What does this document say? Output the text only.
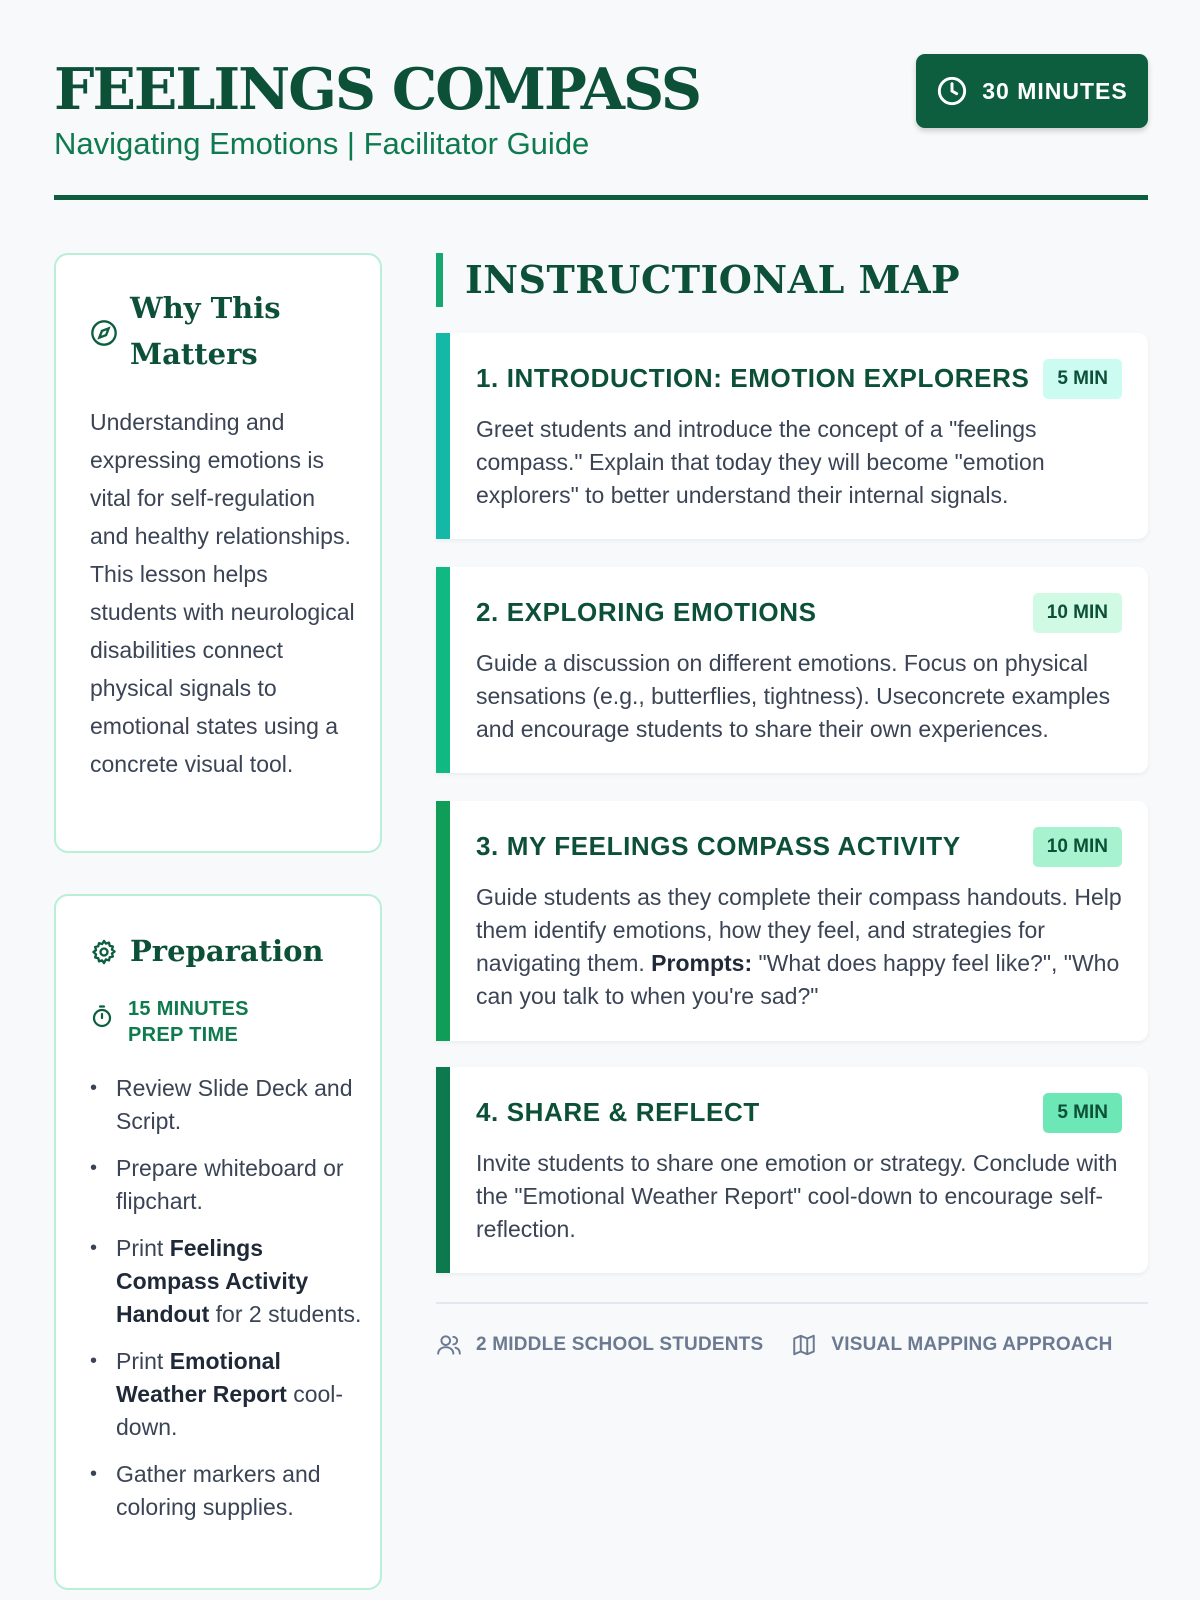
FEELINGS COMPASS
Navigating Emotions | Facilitator Guide
30 MINUTES
Why This Matters

Understanding and expressing emotions is vital for self-regulation and healthy relationships. This lesson helps students with neurological disabilities connect physical signals to emotional states using a concrete visual tool.

Preparation
15 MINUTES PREP TIME
• Review Slide Deck and Script.
• Prepare whiteboard or flipchart.
• Print Feelings Compass Activity Handout for 2 students.
• Print Emotional Weather Report cool-down.
• Gather markers and coloring supplies.
INSTRUCTIONAL MAP
1. INTRODUCTION: EMOTION EXPLORERS	5 MIN

Greet students and introduce the concept of a "feelings compass." Explain that today they will become "emotion explorers" to better understand their internal signals.

2. EXPLORING EMOTIONS	10 MIN

Guide a discussion on different emotions. Focus on physical sensations (e.g., butterflies, tightness). Useconcrete examples and encourage students to share their own experiences.

3. MY FEELINGS COMPASS ACTIVITY	10 MIN

Guide students as they complete their compass handouts. Help them identify emotions, how they feel, and strategies for navigating them. Prompts: "What does happy feel like?", "Who can you talk to when you're sad?"

4. SHARE & REFLECT	5 MIN

Invite students to share one emotion or strategy. Conclude with the "Emotional Weather Report" cool-down to encourage self-reflection.

2 MIDDLE SCHOOL STUDENTS	VISUAL MAPPING APPROACH
